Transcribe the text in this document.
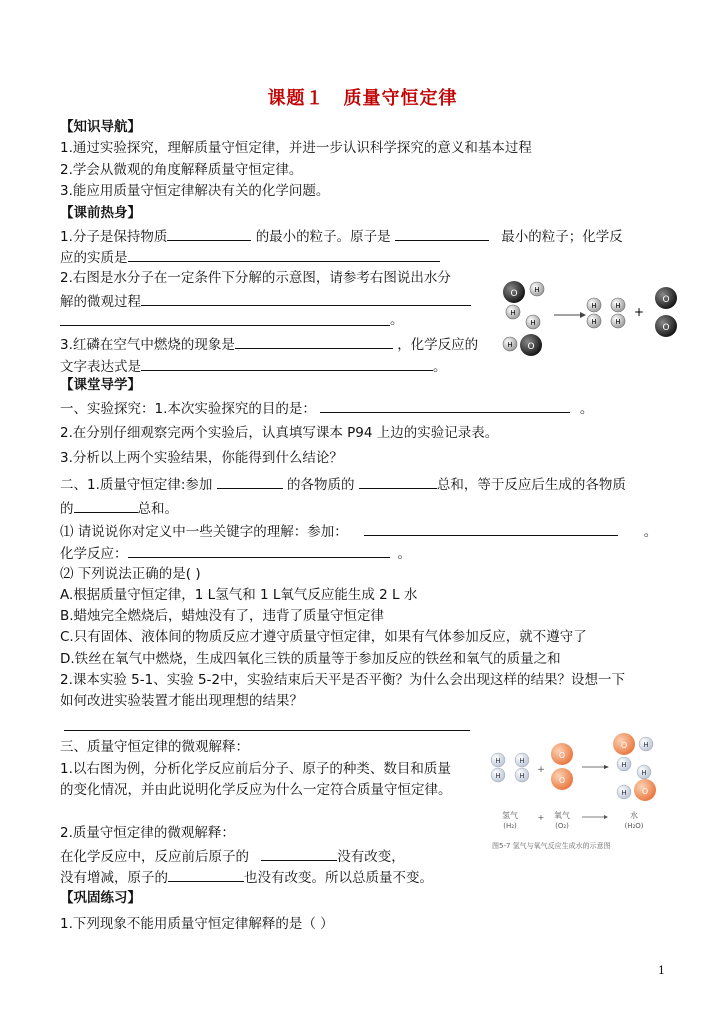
课题１　质量守恒定律
【知识导航】
1.通过实验探究，理解质量守恒定律，并进一步认识科学探究的意义和基本过程
2.学会从微观的角度解释质量守恒定律。
3.能应用质量守恒定律解决有关的化学问题。
【课前热身】
1.分子是保持物质	的最小的粒子。原子是	最小的粒子；化学反
应的实质是
2.右图是水分子在一定条件下分解的示意图，请参考右图说出水分
解的微观过程
。
3.红磷在空气中燃烧的现象是	，化学反应的
文字表达式是	。
O H
H
H
H O
H
H
H
H
+
O
O
【课堂导学】
一、实验探究：1.本次实验探究的目的是：	。
2.在分别仔细观察完两个实验后，认真填写课本 P94 上边的实验记录表。
3.分析以上两个实验结果，你能得到什么结论？
二、1.质量守恒定律:参加	的各物质的	总和，等于反应后生成的各物质
的	总和。
⑴ 请说说你对定义中一些关键字的理解：参加：	。
化学反应：	。
⑵ 下列说法正确的是( )
A.根据质量守恒定律，1 L氢气和 1 L氧气反应能生成 2 L 水
B.蜡烛完全燃烧后，蜡烛没有了，违背了质量守恒定律
C.只有固体、液体间的物质反应才遵守质量守恒定律，如果有气体参加反应，就不遵守了
D.铁丝在氧气中燃烧，生成四氧化三铁的质量等于参加反应的铁丝和氧气的质量之和
2.课本实验 5-1、实验 5-2中，实验结束后天平是否平衡？为什么会出现这样的结果？设想一下
如何改进实验装置才能出现理想的结果？
三、质量守恒定律的微观解释：
1.以右图为例，分析化学反应前后分子、原子的种类、数目和质量
的变化情况，并由此说明化学反应为什么一定符合质量守恒定律。
2.质量守恒定律的微观解释：
在化学反应中，反应前后原子的	没有改变，
没有增减，原子的	也没有改变。所以总质量不变。
H
H
H
H
+
O
O
O H
H
H
O
H
氢气
(H₂)
+ 氧气
(O₂)
水
(H₂O)
图5-7 氢气与氧气反应生成水的示意图
【巩固练习】
1.下列现象不能用质量守恒定律解释的是（ ）
1
